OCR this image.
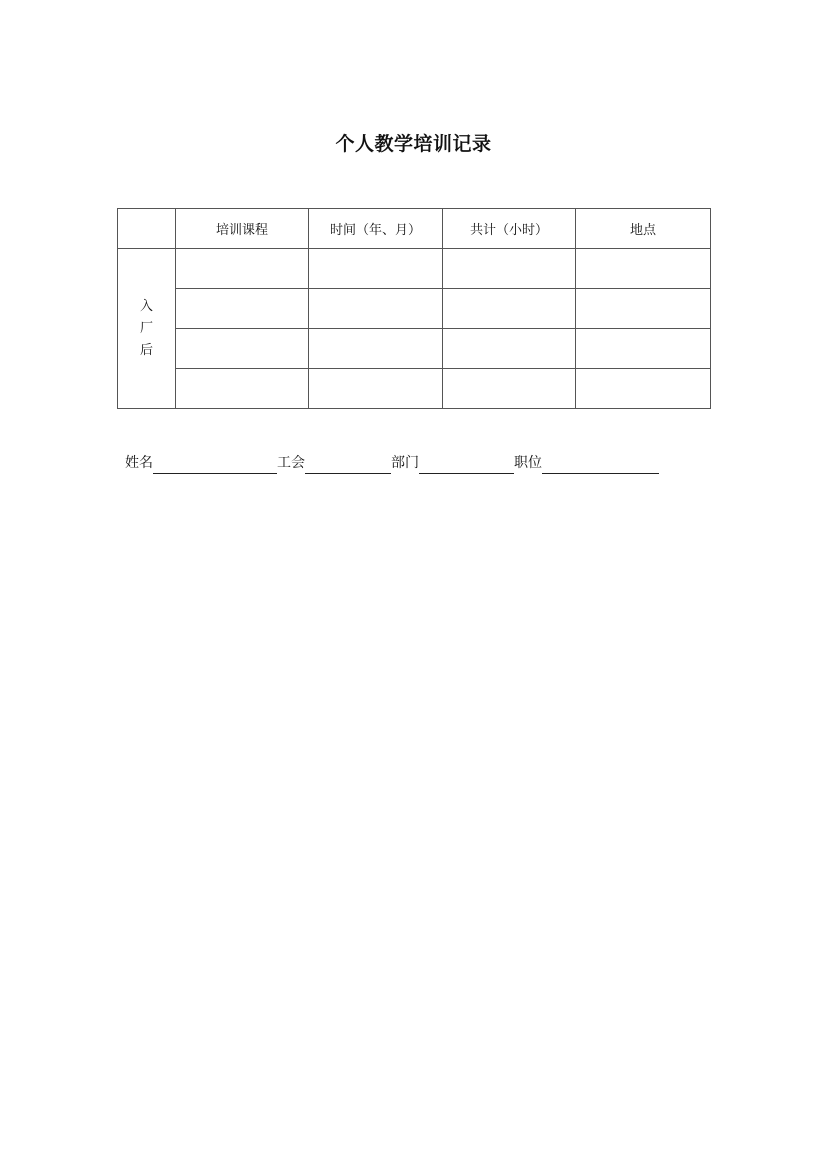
个人教学培训记录
	培训课程	时间（年、月）	共计（小时）	地点

入
厂
后				

姓名	工会	部门	职位
